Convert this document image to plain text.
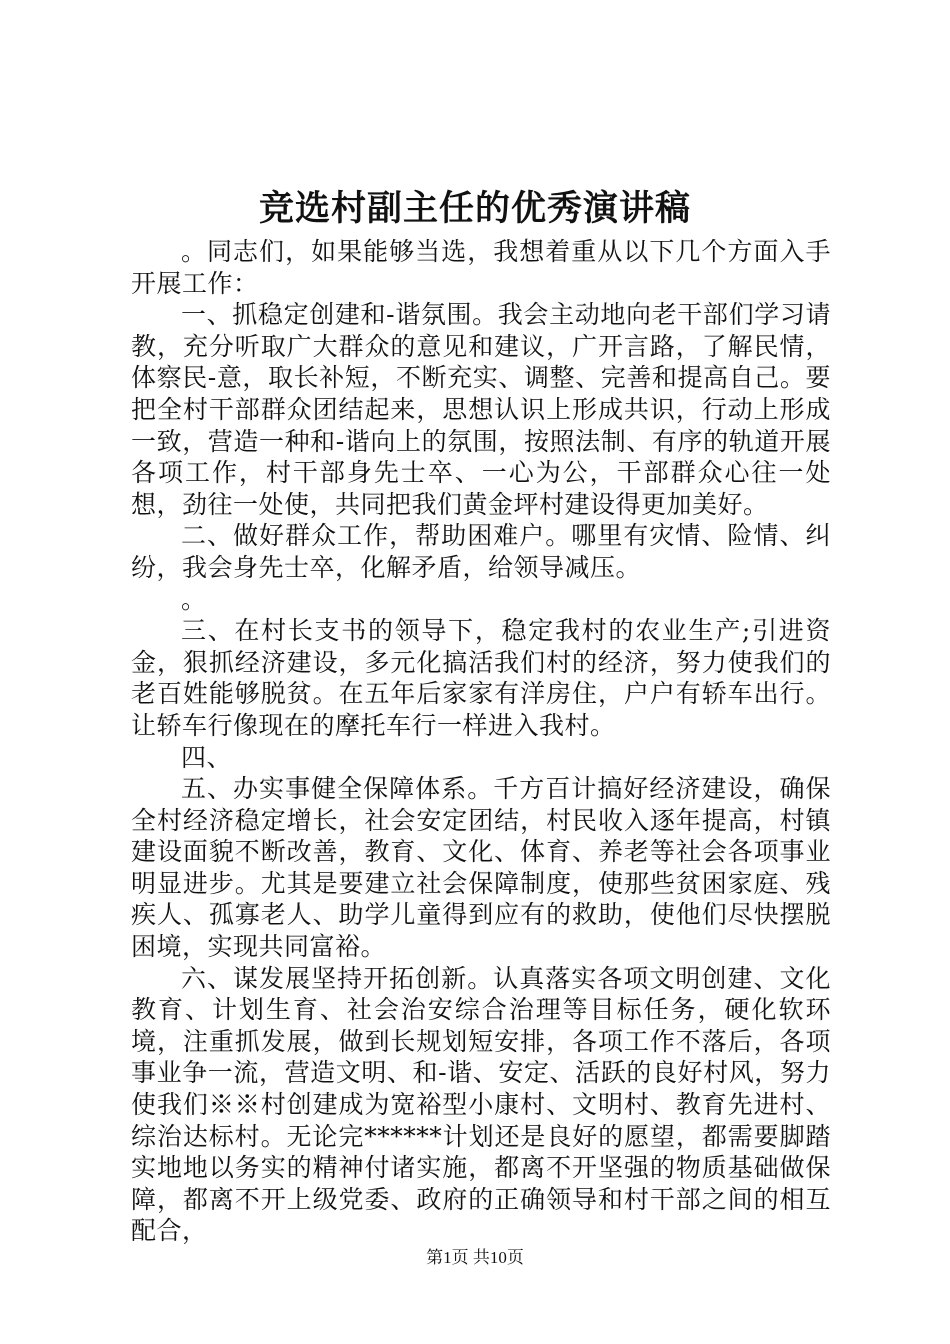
竞选村副主任的优秀演讲稿

。同志们，如果能够当选，我想着重从以下几个方面入手开展工作：

一、抓稳定创建和-谐氛围。我会主动地向老干部们学习请教，充分听取广大群众的意见和建议，广开言路，了解民情，体察民-意，取长补短，不断充实、调整、完善和提高自己。要把全村干部群众团结起来，思想认识上形成共识，行动上形成一致，营造一种和-谐向上的氛围，按照法制、有序的轨道开展各项工作，村干部身先士卒、一心为公，干部群众心往一处想，劲往一处使，共同把我们黄金坪村建设得更加美好。

二、做好群众工作，帮助困难户。哪里有灾情、险情、纠纷，我会身先士卒，化解矛盾，给领导减压。

。

三、在村长支书的领导下，稳定我村的农业生产;引进资金，狠抓经济建设，多元化搞活我们村的经济，努力使我们的老百姓能够脱贫。在五年后家家有洋房住，户户有轿车出行。让轿车行像现在的摩托车行一样进入我村。

四、

五、办实事健全保障体系。千方百计搞好经济建设，确保全村经济稳定增长，社会安定团结，村民收入逐年提高，村镇建设面貌不断改善，教育、文化、体育、养老等社会各项事业明显进步。尤其是要建立社会保障制度，使那些贫困家庭、残疾人、孤寡老人、助学儿童得到应有的救助，使他们尽快摆脱困境，实现共同富裕。

六、谋发展坚持开拓创新。认真落实各项文明创建、文化教育、计划生育、社会治安综合治理等目标任务，硬化软环境，注重抓发展，做到长规划短安排，各项工作不落后，各项事业争一流，营造文明、和-谐、安定、活跃的良好村风，努力使我们※※村创建成为宽裕型小康村、文明村、教育先进村、综治达标村。无论完******计划还是良好的愿望，都需要脚踏实地地以务实的精神付诸实施，都离不开坚强的物质基础做保障，都离不开上级党委、政府的正确领导和村干部之间的相互配合，

第1页 共10页
